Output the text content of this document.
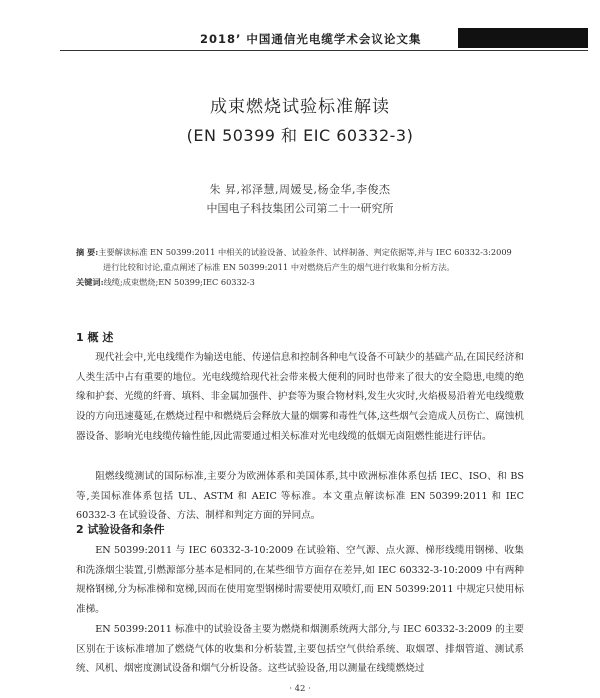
2018’ 中国通信光电缆学术会议论文集
成束燃烧试验标准解读
(EN 50399 和 EIC 60332-3)
朱 昇,祁泽慧,周媛旻,杨金华,李俊杰
中国电子科技集团公司第二十一研究所
摘 要:主要解读标准 EN 50399:2011 中相关的试验设备、试验条件、试样制备、判定依据等,并与 IEC 60332-3:2009
进行比较和讨论,重点阐述了标准 EN 50399:2011 中对燃烧后产生的烟气进行收集和分析方法。
关键词:线缆;成束燃烧;EN 50399;IEC 60332-3
1 概 述
现代社会中,光电线缆作为输送电能、传递信息和控制各种电气设备不可缺少的基础产品,在国民经济和人类生活中占有重要的地位。光电线缆给现代社会带来极大便利的同时也带来了很大的安全隐患,电缆的绝缘和护套、光缆的纤膏、填料、非金属加强件、护套等为聚合物材料,发生火灾时,火焰极易沿着光电线缆敷设的方向迅速蔓延,在燃烧过程中和燃烧后会释放大量的烟雾和毒性气体,这些烟气会造成人员伤亡、腐蚀机器设备、影响光电线缆传输性能,因此需要通过相关标准对光电线缆的低烟无卤阻燃性能进行评估。
阻燃线缆测试的国际标准,主要分为欧洲体系和美国体系,其中欧洲标准体系包括 IEC、ISO、和 BS 等,美国标准体系包括 UL、ASTM 和 AEIC 等标准。本文重点解读标准 EN 50399:2011 和 IEC 60332-3 在试验设备、方法、制样和判定方面的异同点。
2 试验设备和条件
EN 50399:2011 与 IEC 60332-3-10:2009 在试验箱、空气源、点火源、梯形线缆用钢梯、收集和洗涤烟尘装置,引燃源部分基本是相同的,在某些细节方面存在差异,如 IEC 60332-3-10:2009 中有两种规格钢梯,分为标准梯和宽梯,因而在使用宽型钢梯时需要使用双喷灯,而 EN 50399:2011 中规定只使用标准梯。
EN 50399:2011 标准中的试验设备主要为燃烧和烟测系统两大部分,与 IEC 60332-3:2009 的主要区别在于该标准增加了燃烧气体的收集和分析装置,主要包括空气供给系统、取烟罩、排烟管道、测试系统、风机、烟密度测试设备和烟气分析设备。这些试验设备,用以测量在线缆燃烧过
· 42 ·
